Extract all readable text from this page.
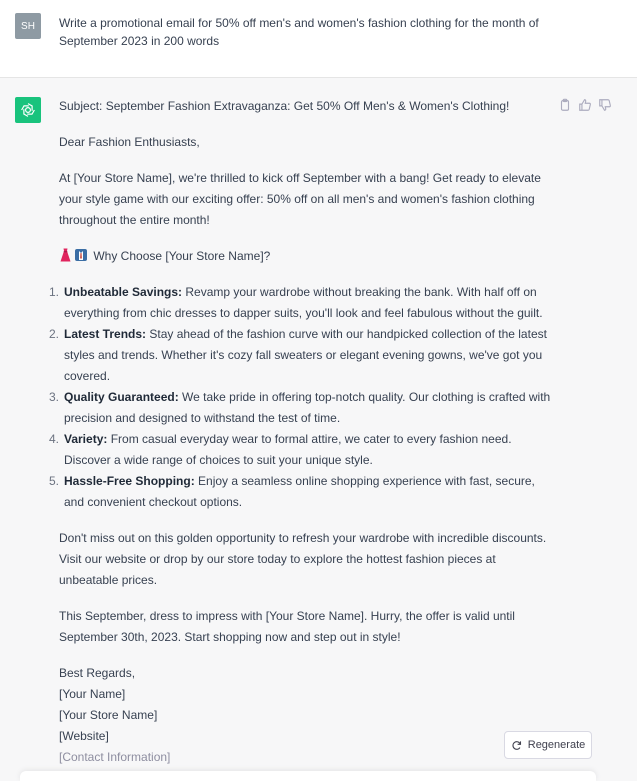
SH	Write a promotional email for 50% off men's and women's fashion clothing for the month of September 2023 in 200 words

Subject: September Fashion Extravaganza: Get 50% Off Men's & Women's Clothing!

Dear Fashion Enthusiasts,

At [Your Store Name], we're thrilled to kick off September with a bang! Get ready to elevate your style game with our exciting offer: 50% off on all men's and women's fashion clothing throughout the entire month!

Why Choose [Your Store Name]?

1. Unbeatable Savings: Revamp your wardrobe without breaking the bank. With half off on everything from chic dresses to dapper suits, you'll look and feel fabulous without the guilt.
2. Latest Trends: Stay ahead of the fashion curve with our handpicked collection of the latest styles and trends. Whether it's cozy fall sweaters or elegant evening gowns, we've got you covered.
3. Quality Guaranteed: We take pride in offering top-notch quality. Our clothing is crafted with precision and designed to withstand the test of time.
4. Variety: From casual everyday wear to formal attire, we cater to every fashion need. Discover a wide range of choices to suit your unique style.
5. Hassle-Free Shopping: Enjoy a seamless online shopping experience with fast, secure, and convenient checkout options.

Don't miss out on this golden opportunity to refresh your wardrobe with incredible discounts. Visit our website or drop by our store today to explore the hottest fashion pieces at unbeatable prices.

This September, dress to impress with [Your Store Name]. Hurry, the offer is valid until September 30th, 2023. Start shopping now and step out in style!

Best Regards,

[Your Name]

[Your Store Name]

[Website]

[Contact Information]

Regenerate
